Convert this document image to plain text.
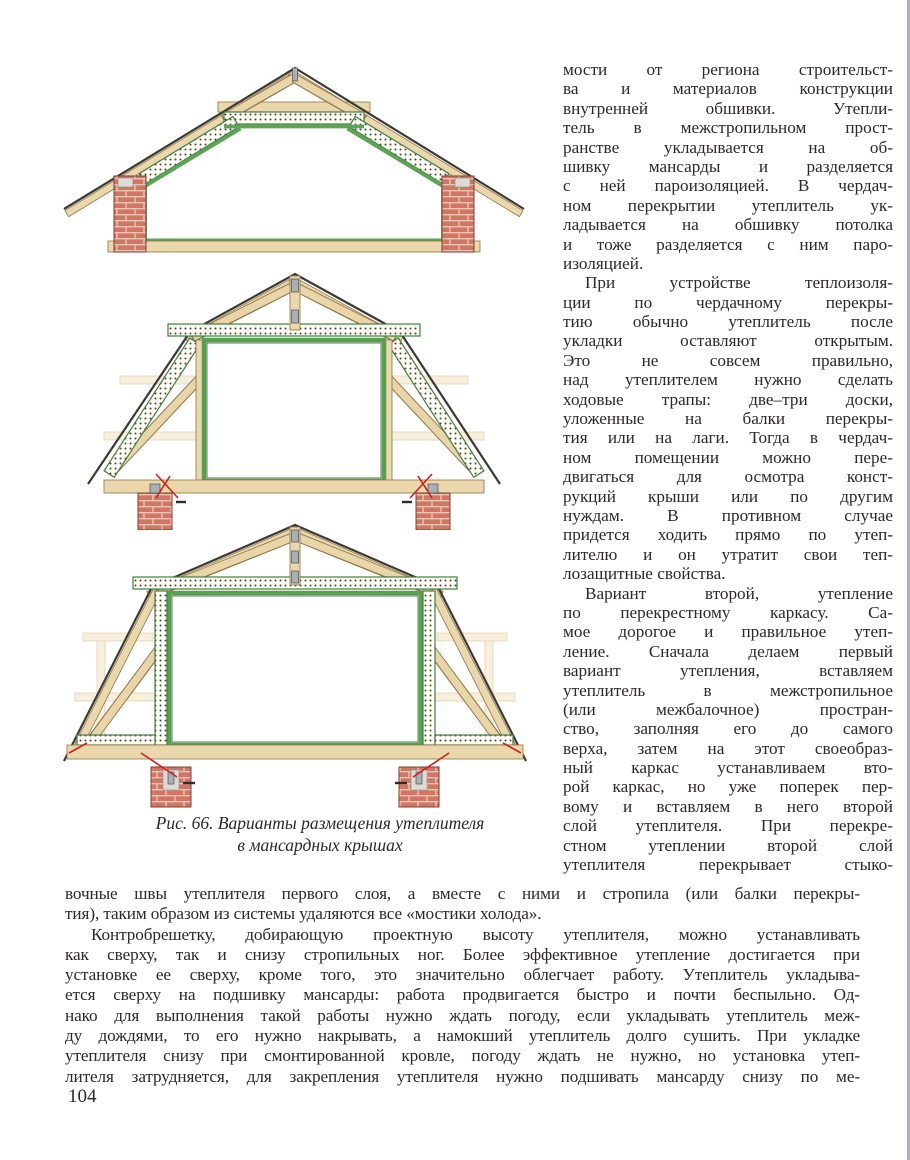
Рис. 66. Варианты размещения утеплителя
в мансардных крышах
мости от региона строительст-
ва и материалов конструкции
внутренней обшивки. Утепли-
тель в межстропильном прост-
ранстве укладывается на об-
шивку мансарды и разделяется
с ней пароизоляцией. В чердач-
ном перекрытии утеплитель ук-
ладывается на обшивку потолка
и тоже разделяется с ним паро-
изоляцией.
При устройстве теплоизоля-
ции по чердачному перекры-
тию обычно утеплитель после
укладки оставляют открытым.
Это не совсем правильно,
над утеплителем нужно сделать
ходовые трапы: две–три доски,
уложенные на балки перекры-
тия или на лаги. Тогда в чердач-
ном помещении можно пере-
двигаться для осмотра конст-
рукций крыши или по другим
нуждам. В противном случае
придется ходить прямо по утеп-
лителю и он утратит свои теп-
лозащитные свойства.
Вариант второй, утепление
по перекрестному каркасу. Са-
мое дорогое и правильное утеп-
ление. Сначала делаем первый
вариант утепления, вставляем
утеплитель в межстропильное
(или межбалочное) простран-
ство, заполняя его до самого
верха, затем на этот своеобраз-
ный каркас устанавливаем вто-
рой каркас, но уже поперек пер-
вому и вставляем в него второй
слой утеплителя. При перекре-
стном утеплении второй слой
утеплителя перекрывает стыко-
вочные швы утеплителя первого слоя, а вместе с ними и стропила (или балки перекры-
тия), таким образом из системы удаляются все «мостики холода».
Контробрешетку, добирающую проектную высоту утеплителя, можно устанавливать
как сверху, так и снизу стропильных ног. Более эффективное утепление достигается при
установке ее сверху, кроме того, это значительно облегчает работу. Утеплитель укладыва-
ется сверху на подшивку мансарды: работа продвигается быстро и почти беспыльно. Од-
нако для выполнения такой работы нужно ждать погоду, если укладывать утеплитель меж-
ду дождями, то его нужно накрывать, а намокший утеплитель долго сушить. При укладке
утеплителя снизу при смонтированной кровле, погоду ждать не нужно, но установка утеп-
лителя затрудняется, для закрепления утеплителя нужно подшивать мансарду снизу по ме-
104
